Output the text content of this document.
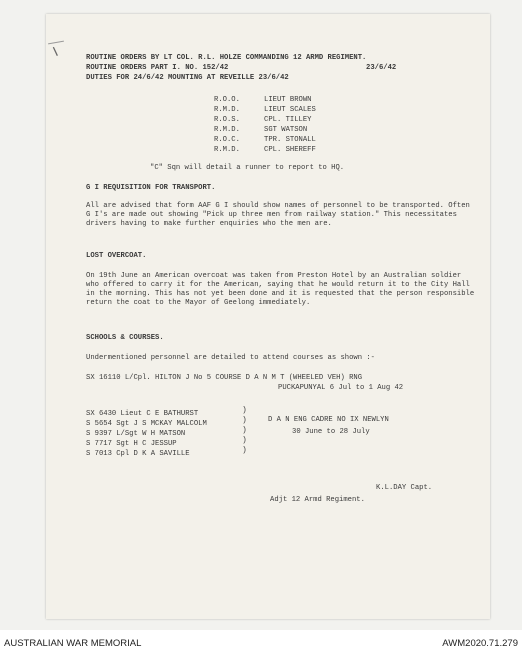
I	ROUTINE ORDERS BY LT COL. R.L. HOLZE COMMANDING 12 ARMD REGIMENT.
ROUTINE ORDERS PART I. NO. 152/42	23/6/42
DUTIES FOR 24/6/42 MOUNTING AT REVEILLE 23/6/42
R.O.O.	LIEUT BROWN
R.M.D.	LIEUT SCALES
R.O.S.	CPL. TILLEY
R.M.D.	SGT WATSON
R.O.C.	TPR. STONALL
R.M.D.	CPL. SHEREFF
"C" Sqn will detail a runner to report to HQ.
G I REQUISITION FOR TRANSPORT.
All are advised that form AAF G I should show names of personnel to be transported. Often G I's are made out showing "Pick up three men from railway station." This necessitates drivers having to make further enquiries who the men are.
LOST OVERCOAT.
On 19th June an American overcoat was taken from Preston Hotel by an Australian soldier who offered to carry it for the American, saying that he would return it to the City Hall in the morning. This has not yet been done and it is requested that the person responsible return the coat to the Mayor of Geelong immediately.
SCHOOLS & COURSES.
Undermentioned personnel are detailed to attend courses as shown :-
SX 16110 L/Cpl. HILTON J No 5 COURSE D A N M T (WHEELED VEH) RNG
PUCKAPUNYAL 6 Jul to 1 Aug 42
SX 6430 Lieut C E BATHURST
S 5654 Sgt J S MCKAY MALCOLM
S 9397 L/Sgt W H MATSON
S 7717 Sgt H C JESSUP
S 7013 Cpl D K A SAVILLE
)
)
)
)
)
D A N ENG CADRE NO IX NEWLYN
30 June to 28 July
K.L.DAY Capt.
Adjt 12 Armd Regiment.
AUSTRALIAN WAR MEMORIAL	AWM2020.71.279
